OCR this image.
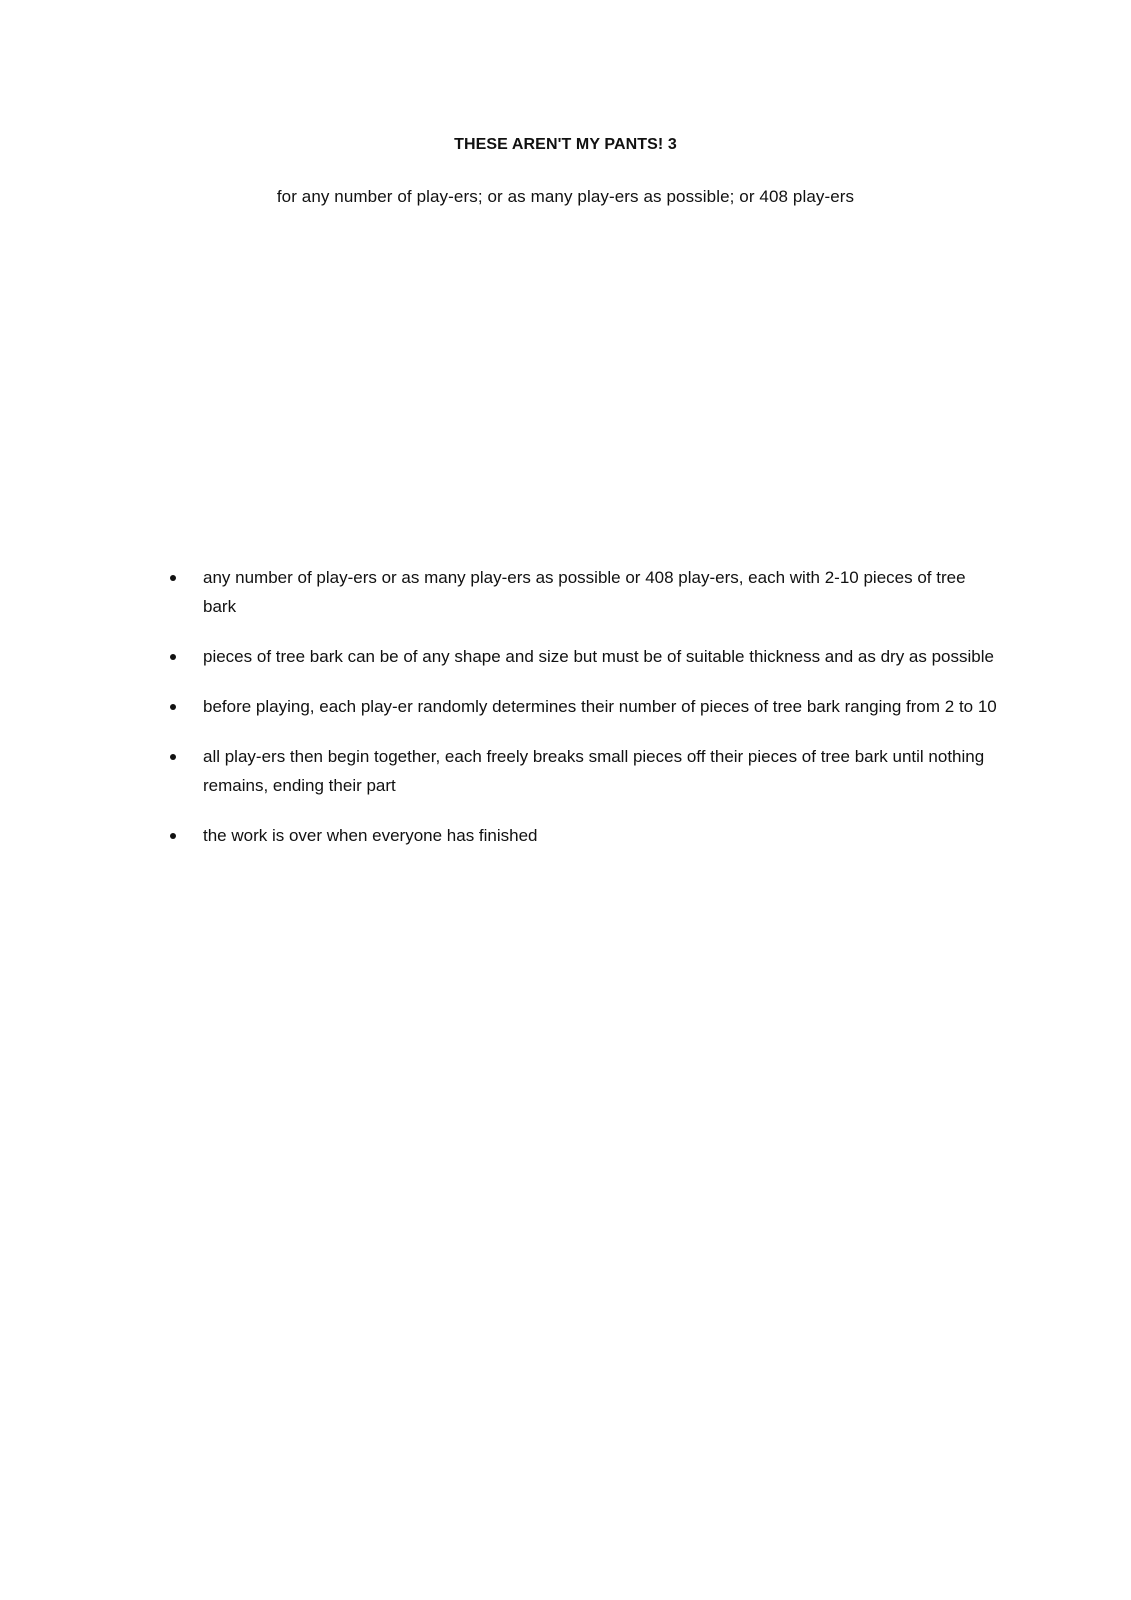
THESE AREN'T MY PANTS! 3
for any number of play-ers; or as many play-ers as possible; or 408 play-ers
any number of play-ers or as many play-ers as possible or 408 play-ers, each with 2-10 pieces of tree bark
pieces of tree bark can be of any shape and size but must be of suitable thickness and as dry as possible
before playing, each play-er randomly determines their number of pieces of tree bark ranging from 2 to 10
all play-ers then begin together, each freely breaks small pieces off their pieces of tree bark until nothing remains, ending their part
the work is over when everyone has finished
